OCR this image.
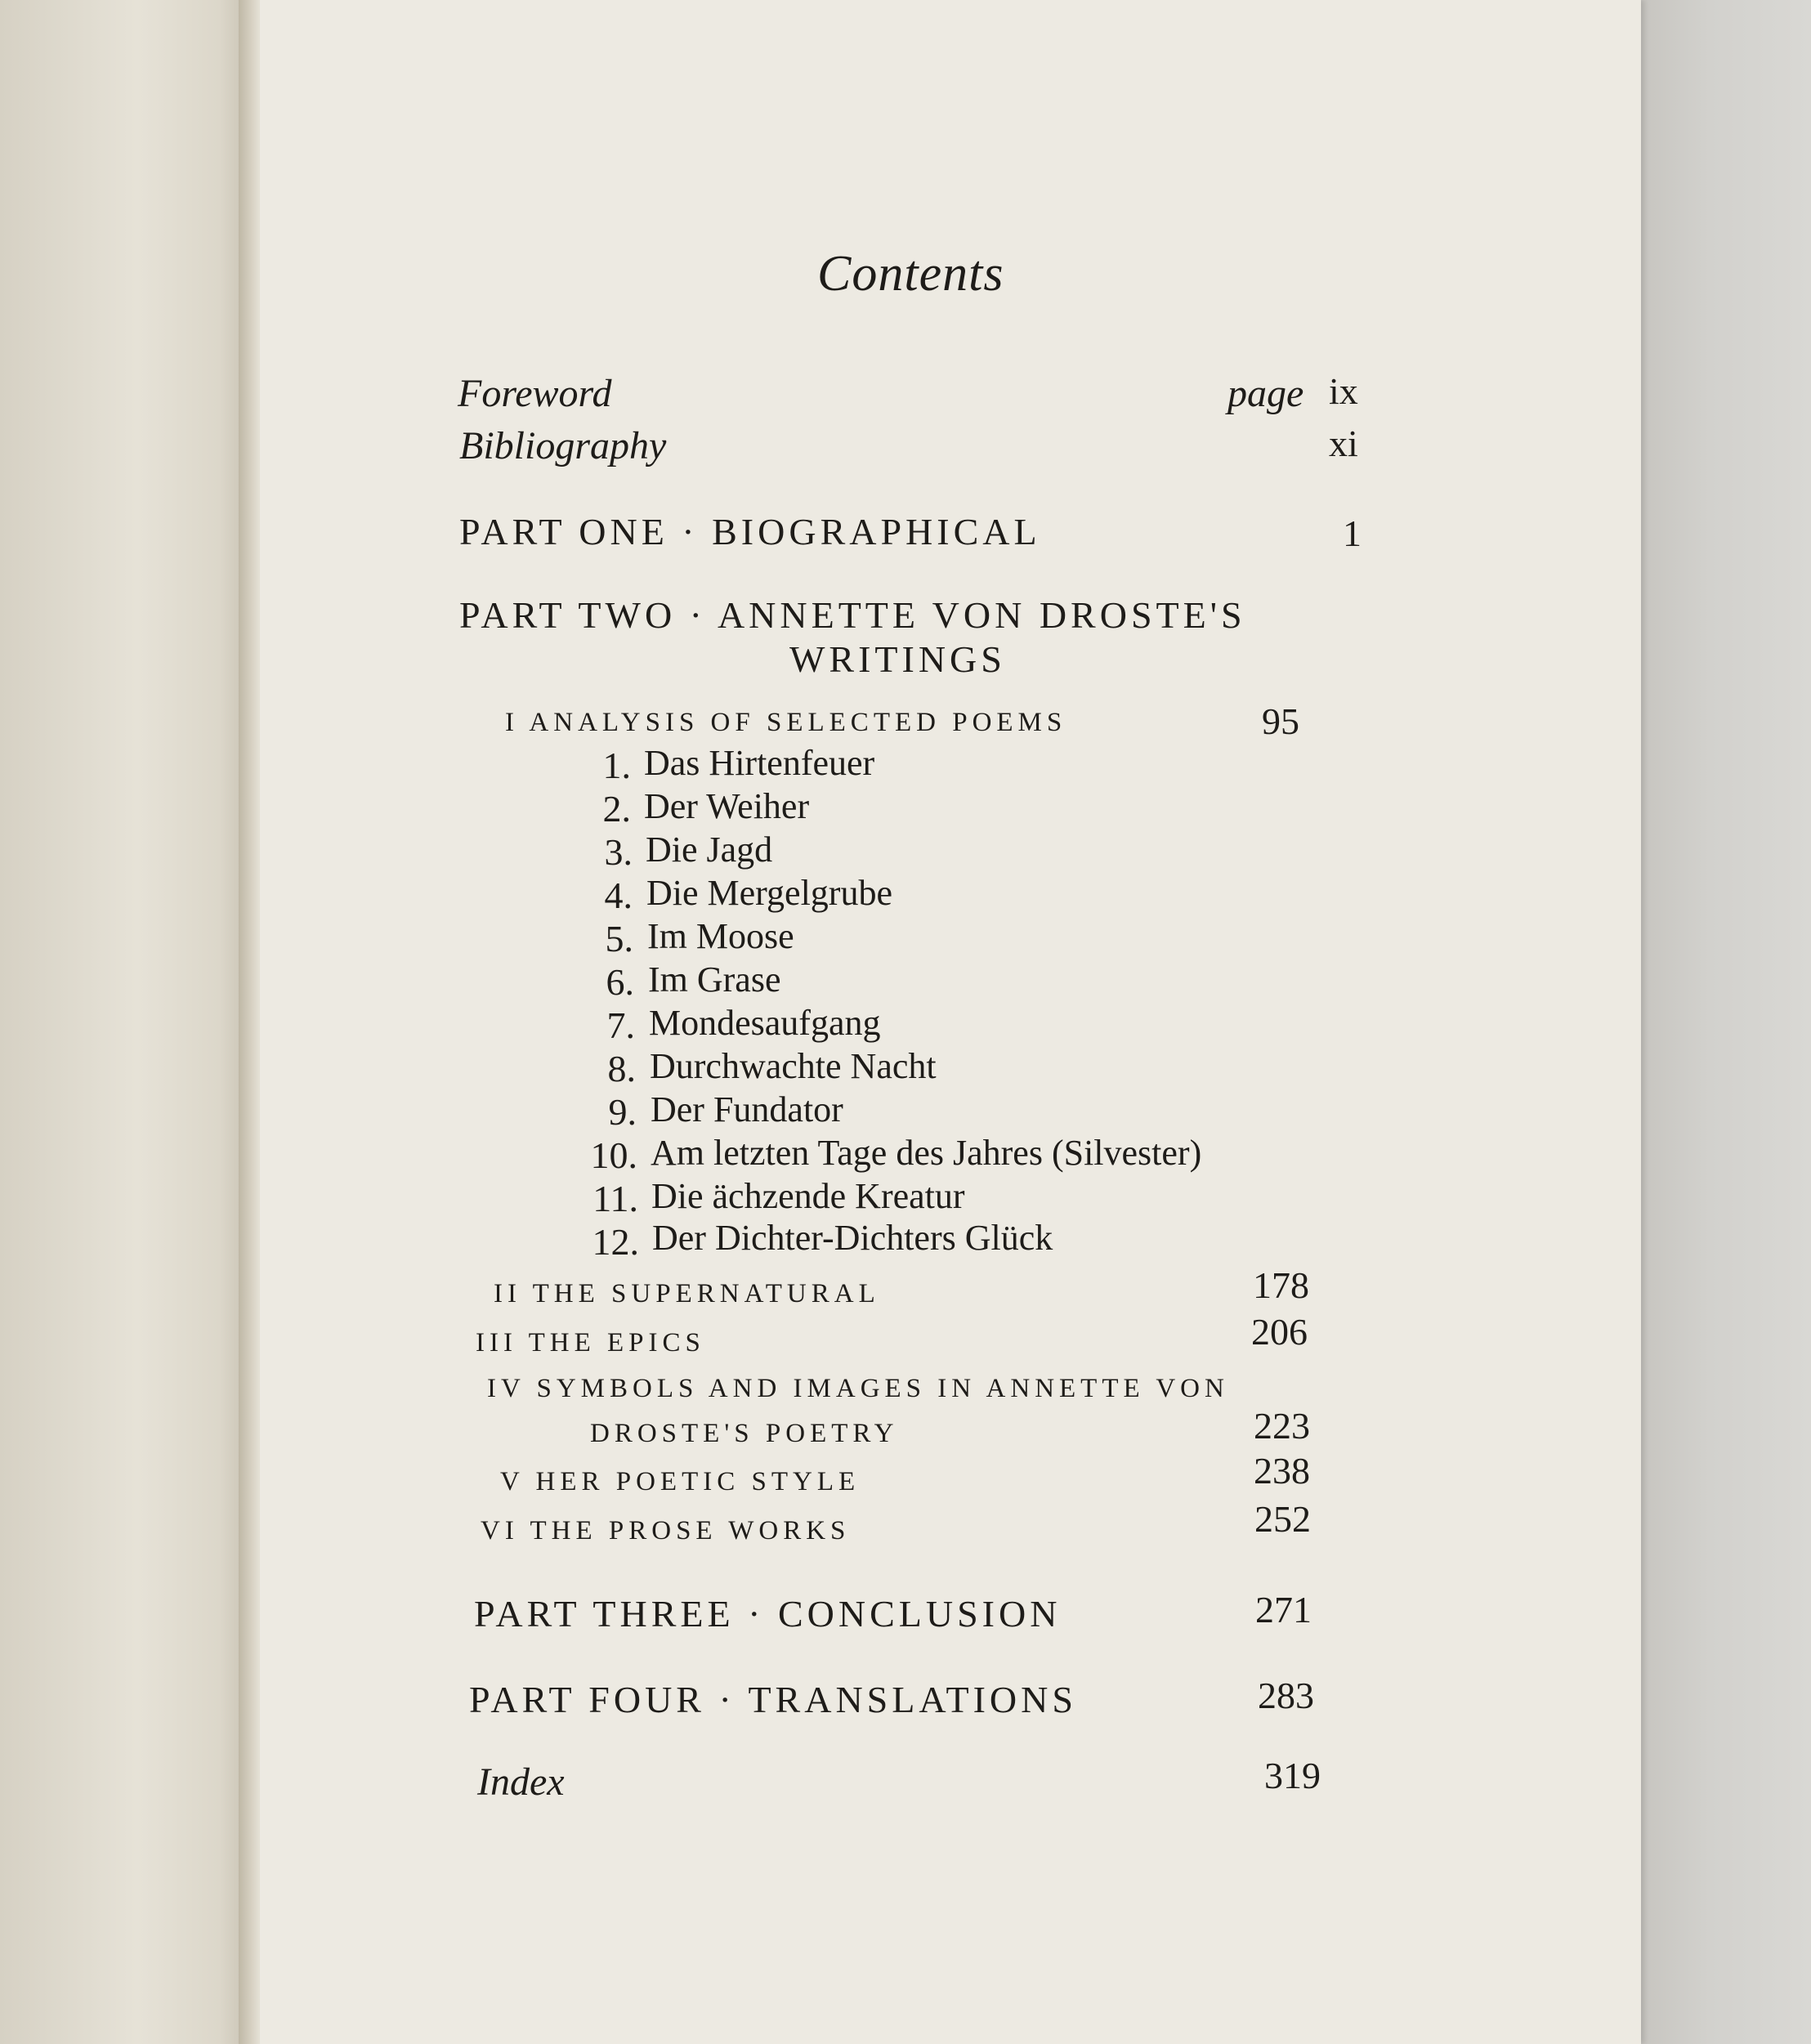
Contents
Foreword	page ix
Bibliography	xi
PART ONE · BIOGRAPHICAL	1
PART TWO · ANNETTE VON DROSTE'S
WRITINGS
I ANALYSIS OF SELECTED POEMS	95
1. Das Hirtenfeuer
2. Der Weiher
3. Die Jagd
4. Die Mergelgrube
5. Im Moose
6. Im Grase
7. Mondesaufgang
8. Durchwachte Nacht
9. Der Fundator
10. Am letzten Tage des Jahres (Silvester)
11. Die ächzende Kreatur
12. Der Dichter-Dichters Glück
II THE SUPERNATURAL	178
III THE EPICS	206
IV SYMBOLS AND IMAGES IN ANNETTE VON
DROSTE'S POETRY	223
V HER POETIC STYLE	238
VI THE PROSE WORKS	252
PART THREE · CONCLUSION	271
PART FOUR · TRANSLATIONS	283
Index	319
